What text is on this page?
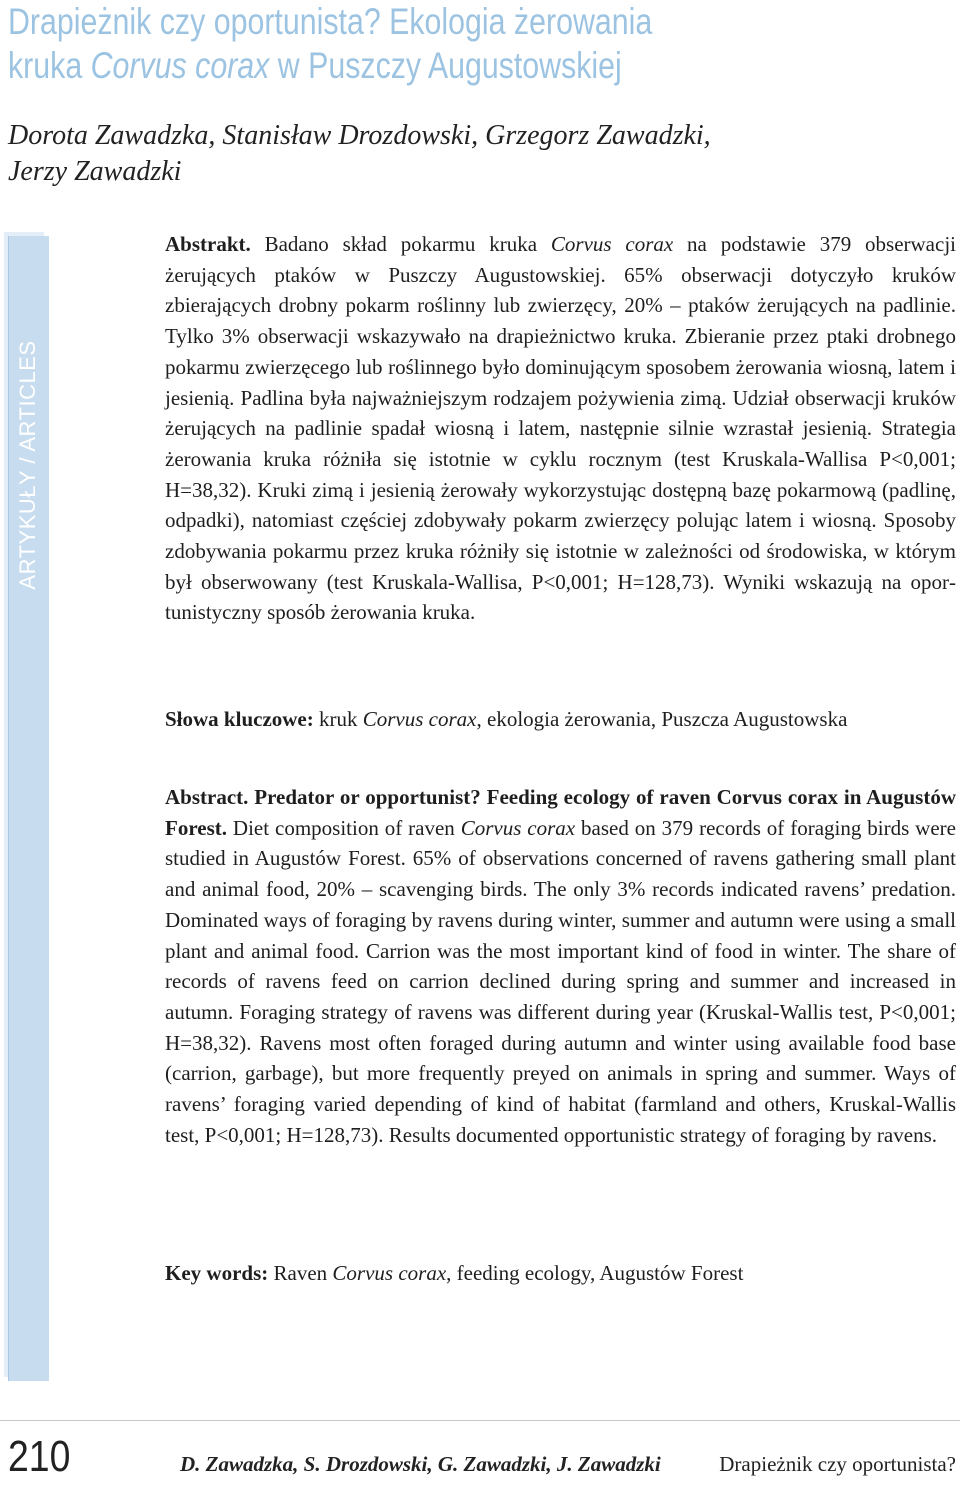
Drapieżnik czy oportunista? Ekologia żerowania
kruka Corvus corax w Puszczy Augustowskiej

Dorota Zawadzka, Stanisław Drozdowski, Grzegorz Zawadzki,
Jerzy Zawadzki

ARTYKUŁY / ARTICLES

Abstrakt. Badano skład pokarmu kruka Corvus corax na podstawie 379 obserwacji żerujących ptaków w Puszczy Augustowskiej. 65% obserwacji dotyczyło kruków zbierających drobny pokarm roślinny lub zwierzęcy, 20% – ptaków żerujących na padlinie. Tylko 3% obserwacji wskazywało na drapieżnictwo kruka. Zbieranie przez ptaki drobnego pokarmu zwierzęcego lub roślinnego było dominującym sposobem żerowania wiosną, latem i jesienią. Padlina była najważniejszym rodzajem pożywienia zimą. Udział obserwacji kruków żerujących na padlinie spadał wiosną i latem, następnie silnie wzrastał jesienią. Strategia żerowania kruka różniła się istotnie w cyklu rocznym (test Kruskala-Wallisa P<0,001; H=38,32). Kruki zimą i jesienią żerowały wykorzystując dostępną bazę pokarmową (padlinę, odpadki), natomiast częściej zdobywały pokarm zwierzęcy polując latem i wiosną. Sposoby zdobywania pokarmu przez kruka różniły się istotnie w zależności od środowiska, w którym był obserwowany (test Kruskala-Wallisa, P<0,001; H=128,73). Wyniki wskazują na oportunistyczny sposób żerowania kruka.

Słowa kluczowe: kruk Corvus corax, ekologia żerowania, Puszcza Augustowska

Abstract. Predator or opportunist? Feeding ecology of raven Corvus corax in Augustów Forest. Diet composition of raven Corvus corax based on 379 records of foraging birds were studied in Augustów Forest. 65% of observations concerned of ravens gathering small plant and animal food, 20% – scavenging birds. The only 3% records indicated ravens’ predation. Dominated ways of foraging by ravens during winter, summer and autumn were using a small plant and animal food. Carrion was the most important kind of food in winter. The share of records of ravens feed on carrion declined during spring and summer and increased in autumn. Foraging strategy of ravens was different during year (Kruskal-Wallis test, P<0,001; H=38,32). Ravens most often foraged during autumn and winter using available food base (carrion, garbage), but more frequently preyed on animals in spring and summer. Ways of ravens’ foraging varied depending of kind of habitat (farmland and others, Kruskal-Wallis test, P<0,001; H=128,73). Results documented opportunistic strategy of foraging by ravens.

Key words: Raven Corvus corax, feeding ecology, Augustów Forest

210	D. Zawadzka, S. Drozdowski, G. Zawadzki, J. Zawadzki	Drapieżnik czy oportunista?
